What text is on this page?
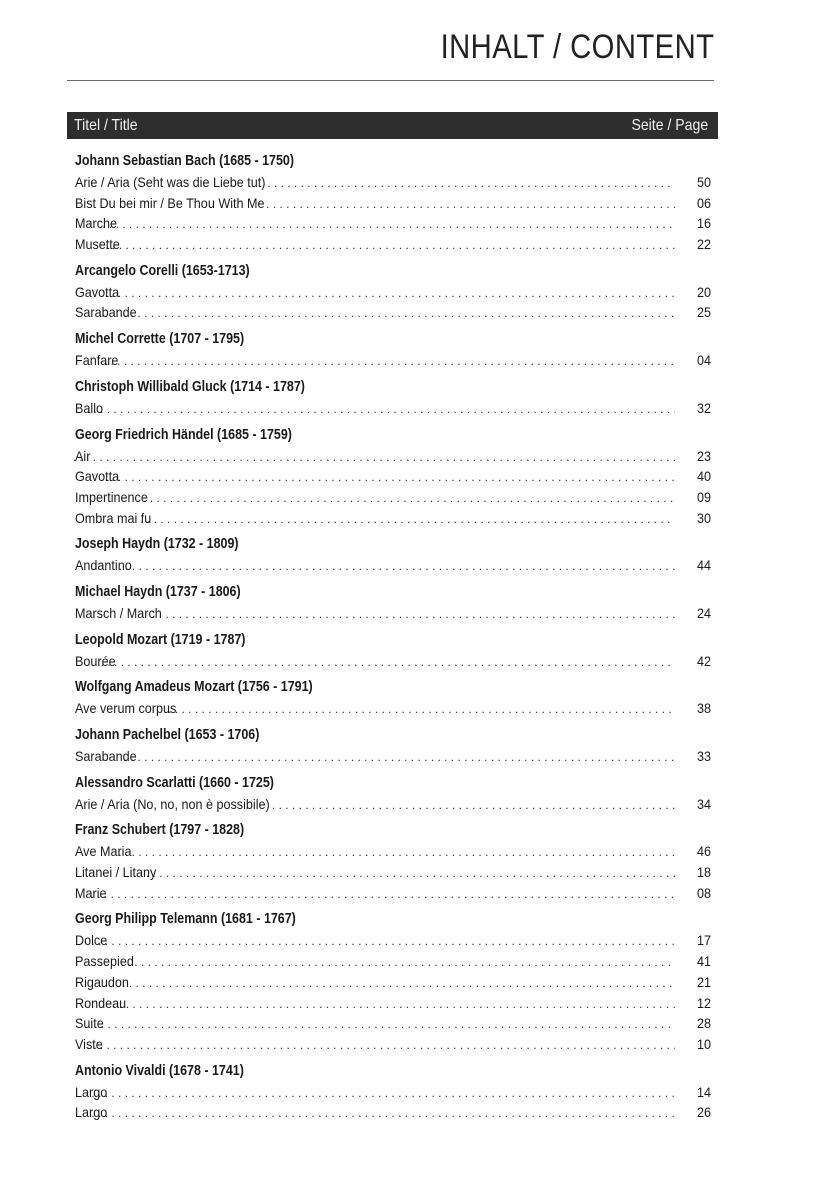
INHALT / CONTENT
Titel / Title	Seite / Page
Johann Sebastian Bach (1685 - 1750)
Arie / Aria (Seht was die Liebe tut) . . .	50
Bist Du bei mir / Be Thou With Me . . .	06
Marche . . .	16
Musette . . .	22
Arcangelo Corelli (1653-1713)
Gavotta . . .	20
Sarabande . . .	25
Michel Corrette (1707 - 1795)
Fanfare . . .	04
Christoph Willibald Gluck (1714 - 1787)
Ballo . . .	32
Georg Friedrich Händel (1685 - 1759)
Air . . .	23
Gavotta . . .	40
Impertinence . . .	09
Ombra mai fu . . .	30
Joseph Haydn (1732 - 1809)
Andantino . . .	44
Michael Haydn (1737 - 1806)
Marsch / March . . .	24
Leopold Mozart (1719 - 1787)
Bourée . . .	42
Wolfgang Amadeus Mozart (1756 - 1791)
Ave verum corpus . . .	38
Johann Pachelbel (1653 - 1706)
Sarabande . . .	33
Alessandro Scarlatti (1660 - 1725)
Arie / Aria (No, no, non è possibile) . . .	34
Franz Schubert (1797 - 1828)
Ave Maria . . .	46
Litanei / Litany . . .	18
Marie . . .	08
Georg Philipp Telemann (1681 - 1767)
Dolce . . .	17
Passepied . . .	41
Rigaudon . . .	21
Rondeau . . .	12
Suite . . .	28
Viste . . .	10
Antonio Vivaldi (1678 - 1741)
Largo . . .	14
Largo . . .	26
